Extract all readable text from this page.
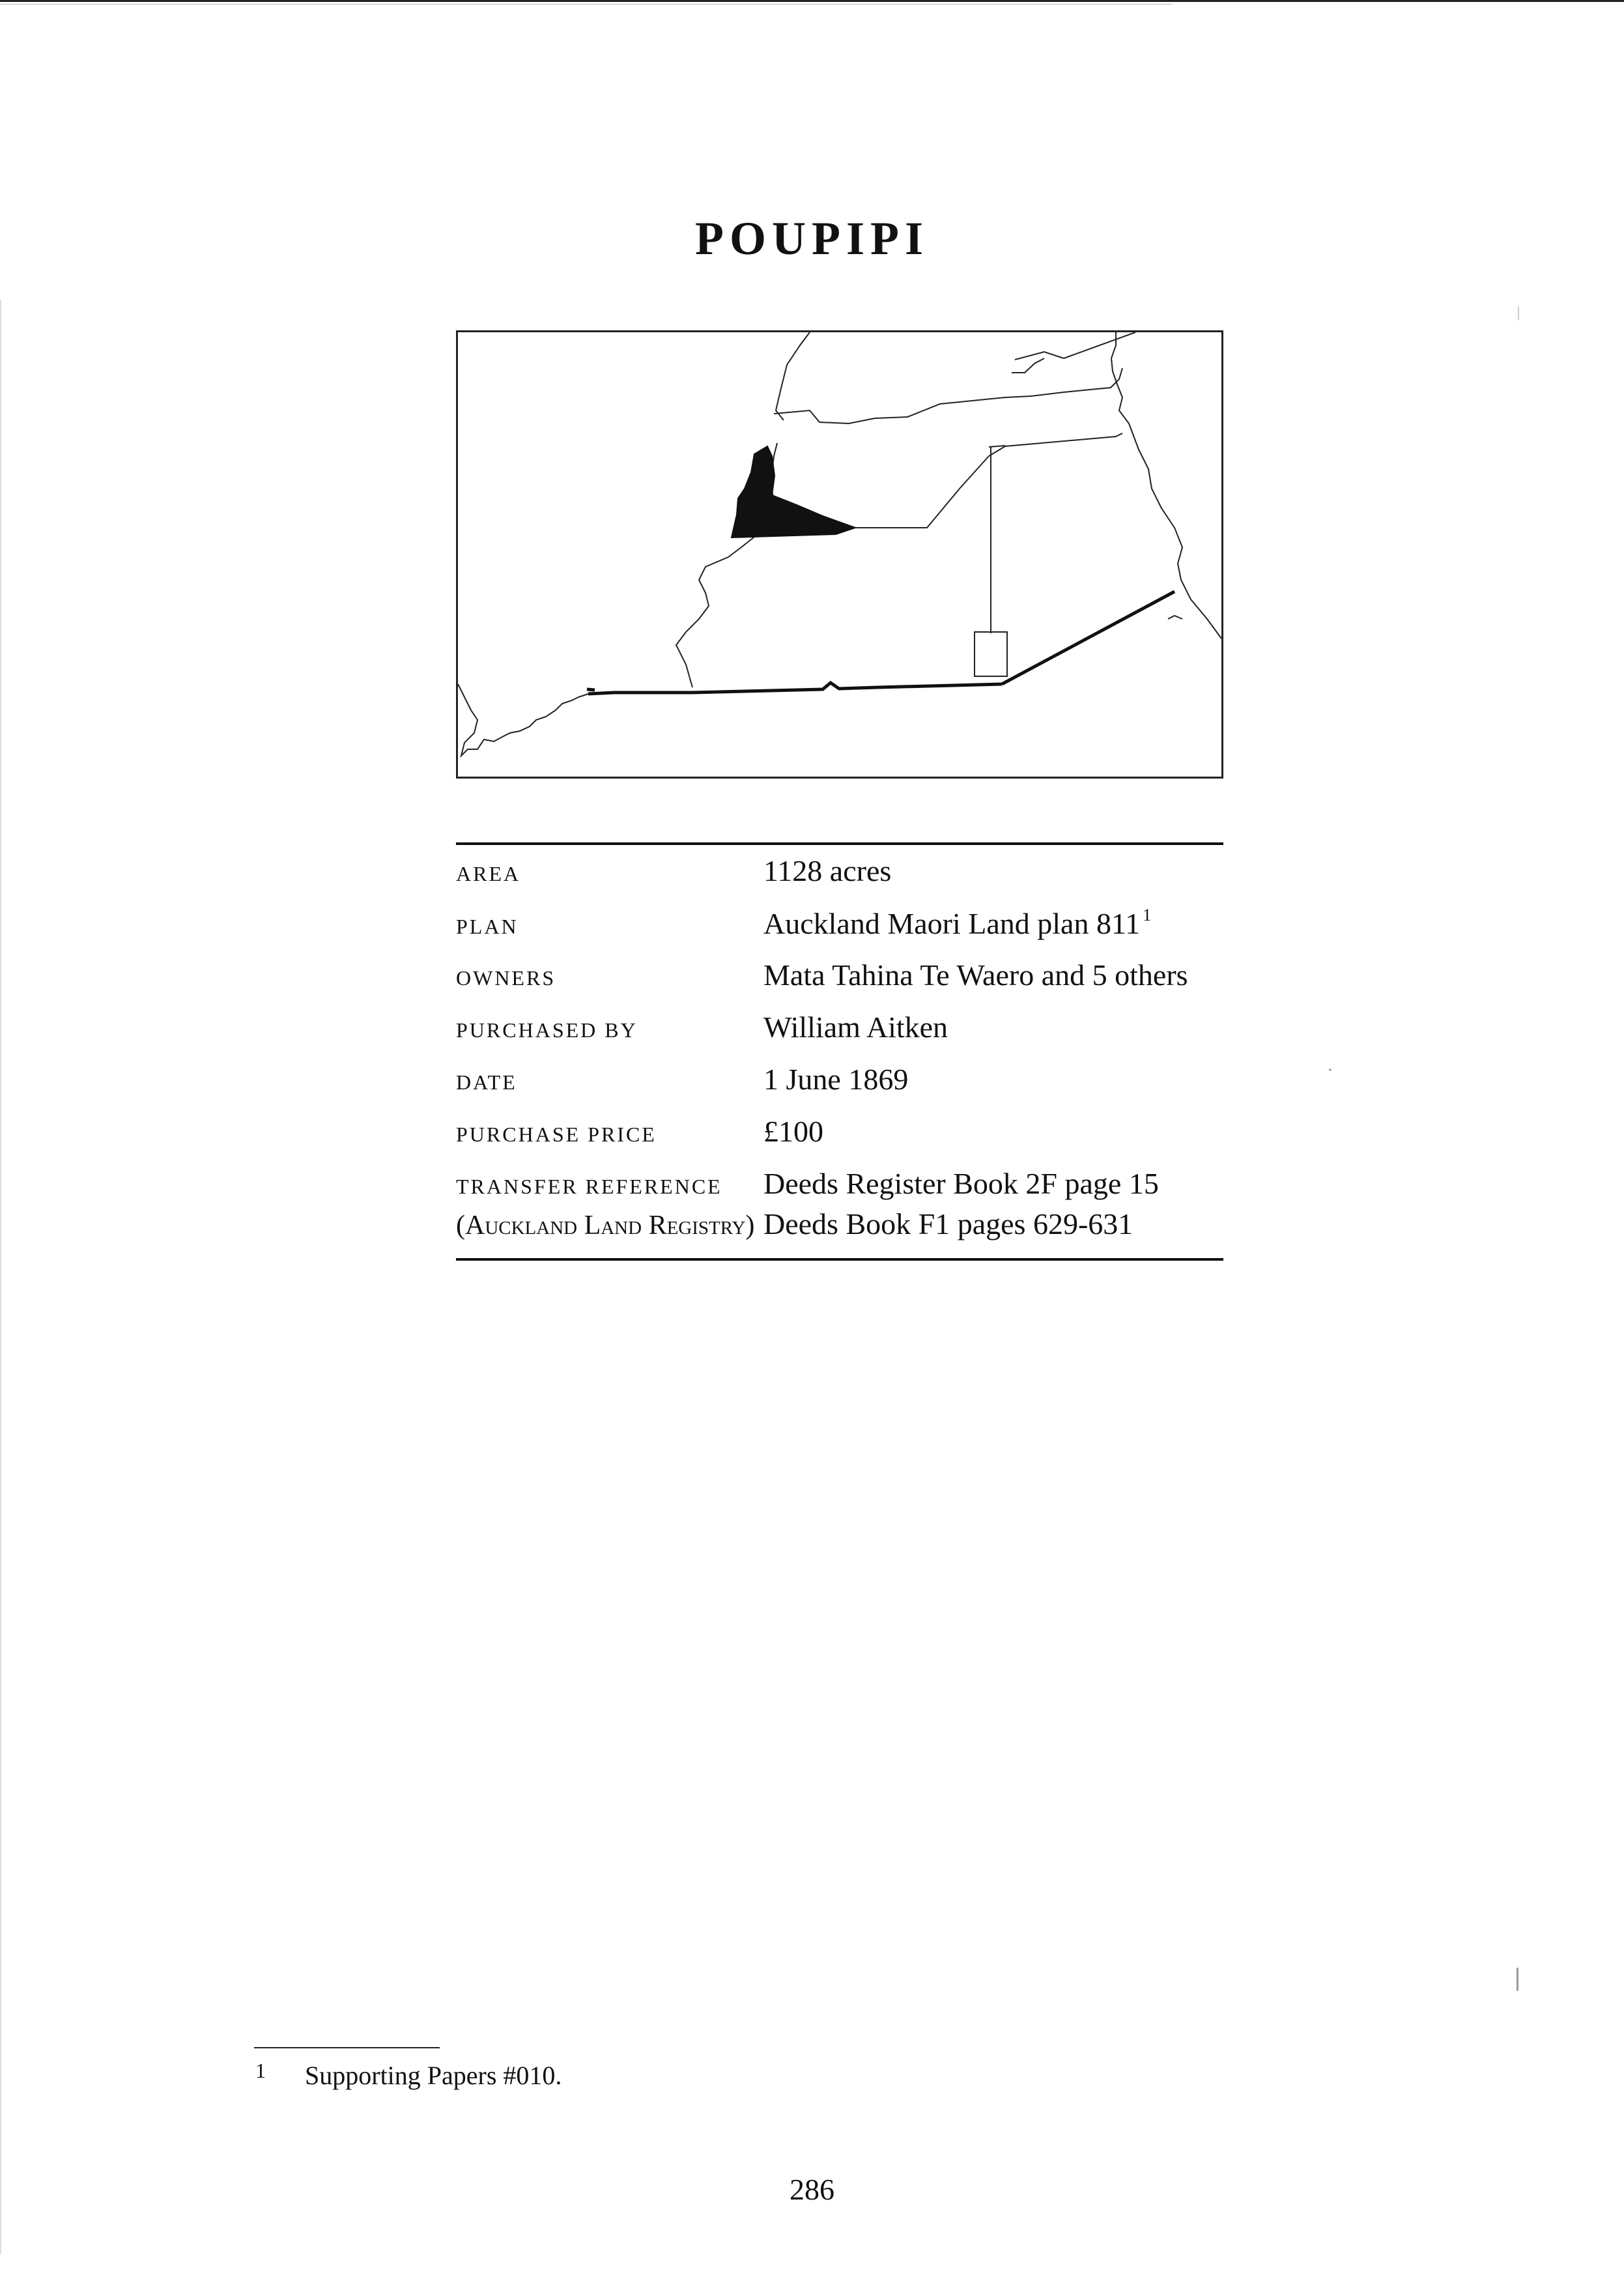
POUPIPI
AREA	1128 acres
PLAN	Auckland Maori Land plan 811 $^1$
OWNERS	Mata Tahina Te Waero and 5 others
PURCHASED BY	William Aitken
DATE	1 June 1869
PURCHASE PRICE	£100
TRANSFER REFERENCE	Deeds Register Book 2F page 15
(Auckland Land Registry)	Deeds Book F1 pages 629-631
1 Supporting Papers #010.
286
